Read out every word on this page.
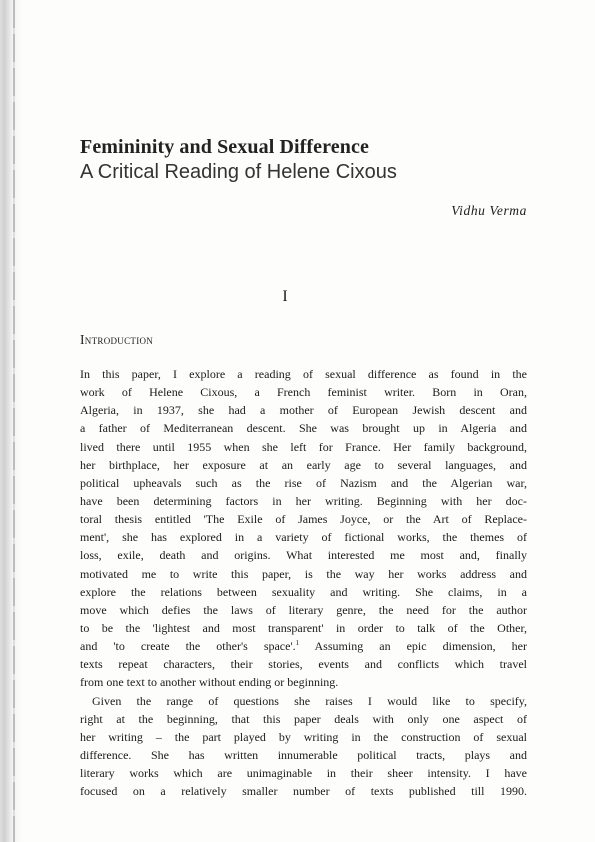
Femininity and Sexual Difference
A Critical Reading of Helene Cixous
Vidhu Verma
I
Introduction
In this paper, I explore a reading of sexual difference as found in the
work of Helene Cixous, a French feminist writer. Born in Oran,
Algeria, in 1937, she had a mother of European Jewish descent and
a father of Mediterranean descent. She was brought up in Algeria and
lived there until 1955 when she left for France. Her family background,
her birthplace, her exposure at an early age to several languages, and
political upheavals such as the rise of Nazism and the Algerian war,
have been determining factors in her writing. Beginning with her doc-
toral thesis entitled 'The Exile of James Joyce, or the Art of Replace-
ment', she has explored in a variety of fictional works, the themes of
loss, exile, death and origins. What interested me most and, finally
motivated me to write this paper, is the way her works address and
explore the relations between sexuality and writing. She claims, in a
move which defies the laws of literary genre, the need for the author
to be the 'lightest and most transparent' in order to talk of the Other,
and 'to create the other's space'.$^1$ Assuming an epic dimension, her
texts repeat characters, their stories, events and conflicts which travel
from one text to another without ending or beginning.
Given the range of questions she raises I would like to specify,
right at the beginning, that this paper deals with only one aspect of
her writing – the part played by writing in the construction of sexual
difference. She has written innumerable political tracts, plays and
literary works which are unimaginable in their sheer intensity. I have
focused on a relatively smaller number of texts published till 1990.
